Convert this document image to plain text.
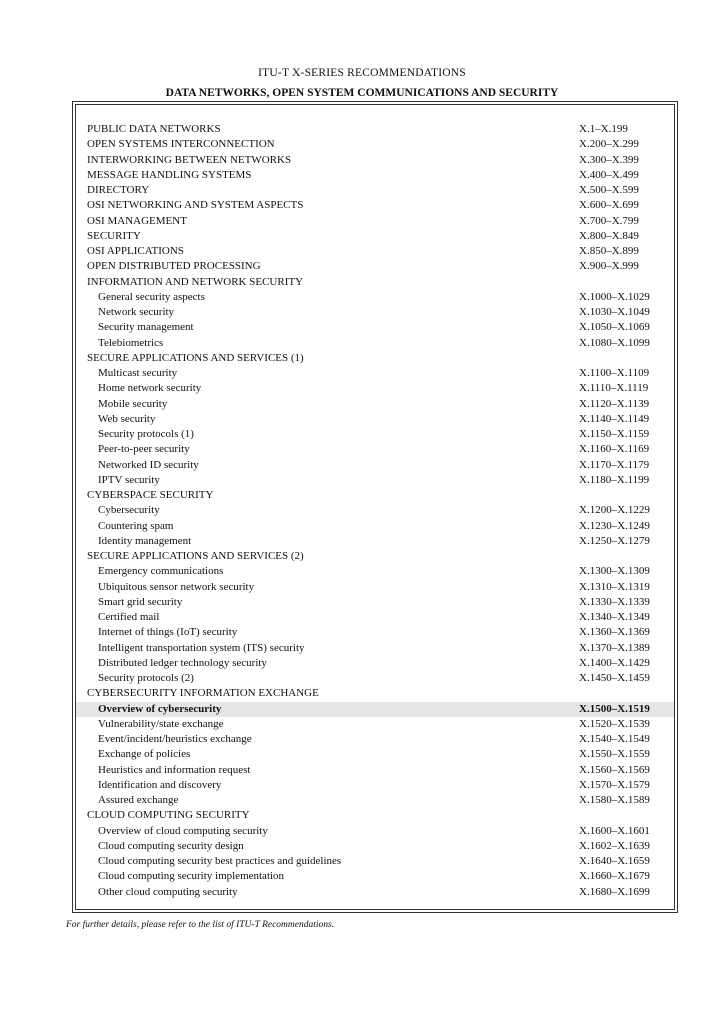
ITU-T X-SERIES RECOMMENDATIONS
DATA NETWORKS, OPEN SYSTEM COMMUNICATIONS AND SECURITY
PUBLIC DATA NETWORKS	X.1–X.199
OPEN SYSTEMS INTERCONNECTION	X.200–X.299
INTERWORKING BETWEEN NETWORKS	X.300–X.399
MESSAGE HANDLING SYSTEMS	X.400–X.499
DIRECTORY	X.500–X.599
OSI NETWORKING AND SYSTEM ASPECTS	X.600–X.699
OSI MANAGEMENT	X.700–X.799
SECURITY	X.800–X.849
OSI APPLICATIONS	X.850–X.899
OPEN DISTRIBUTED PROCESSING	X.900–X.999
INFORMATION AND NETWORK SECURITY
General security aspects	X.1000–X.1029
Network security	X.1030–X.1049
Security management	X.1050–X.1069
Telebiometrics	X.1080–X.1099
SECURE APPLICATIONS AND SERVICES (1)
Multicast security	X.1100–X.1109
Home network security	X.1110–X.1119
Mobile security	X.1120–X.1139
Web security	X.1140–X.1149
Security protocols (1)	X.1150–X.1159
Peer-to-peer security	X.1160–X.1169
Networked ID security	X.1170–X.1179
IPTV security	X.1180–X.1199
CYBERSPACE SECURITY
Cybersecurity	X.1200–X.1229
Countering spam	X.1230–X.1249
Identity management	X.1250–X.1279
SECURE APPLICATIONS AND SERVICES (2)
Emergency communications	X.1300–X.1309
Ubiquitous sensor network security	X.1310–X.1319
Smart grid security	X.1330–X.1339
Certified mail	X.1340–X.1349
Internet of things (IoT) security	X.1360–X.1369
Intelligent transportation system (ITS) security	X.1370–X.1389
Distributed ledger technology security	X.1400–X.1429
Security protocols (2)	X.1450–X.1459
CYBERSECURITY INFORMATION EXCHANGE
Overview of cybersecurity	X.1500–X.1519
Vulnerability/state exchange	X.1520–X.1539
Event/incident/heuristics exchange	X.1540–X.1549
Exchange of policies	X.1550–X.1559
Heuristics and information request	X.1560–X.1569
Identification and discovery	X.1570–X.1579
Assured exchange	X.1580–X.1589
CLOUD COMPUTING SECURITY
Overview of cloud computing security	X.1600–X.1601
Cloud computing security design	X.1602–X.1639
Cloud computing security best practices and guidelines	X.1640–X.1659
Cloud computing security implementation	X.1660–X.1679
Other cloud computing security	X.1680–X.1699
For further details, please refer to the list of ITU-T Recommendations.
